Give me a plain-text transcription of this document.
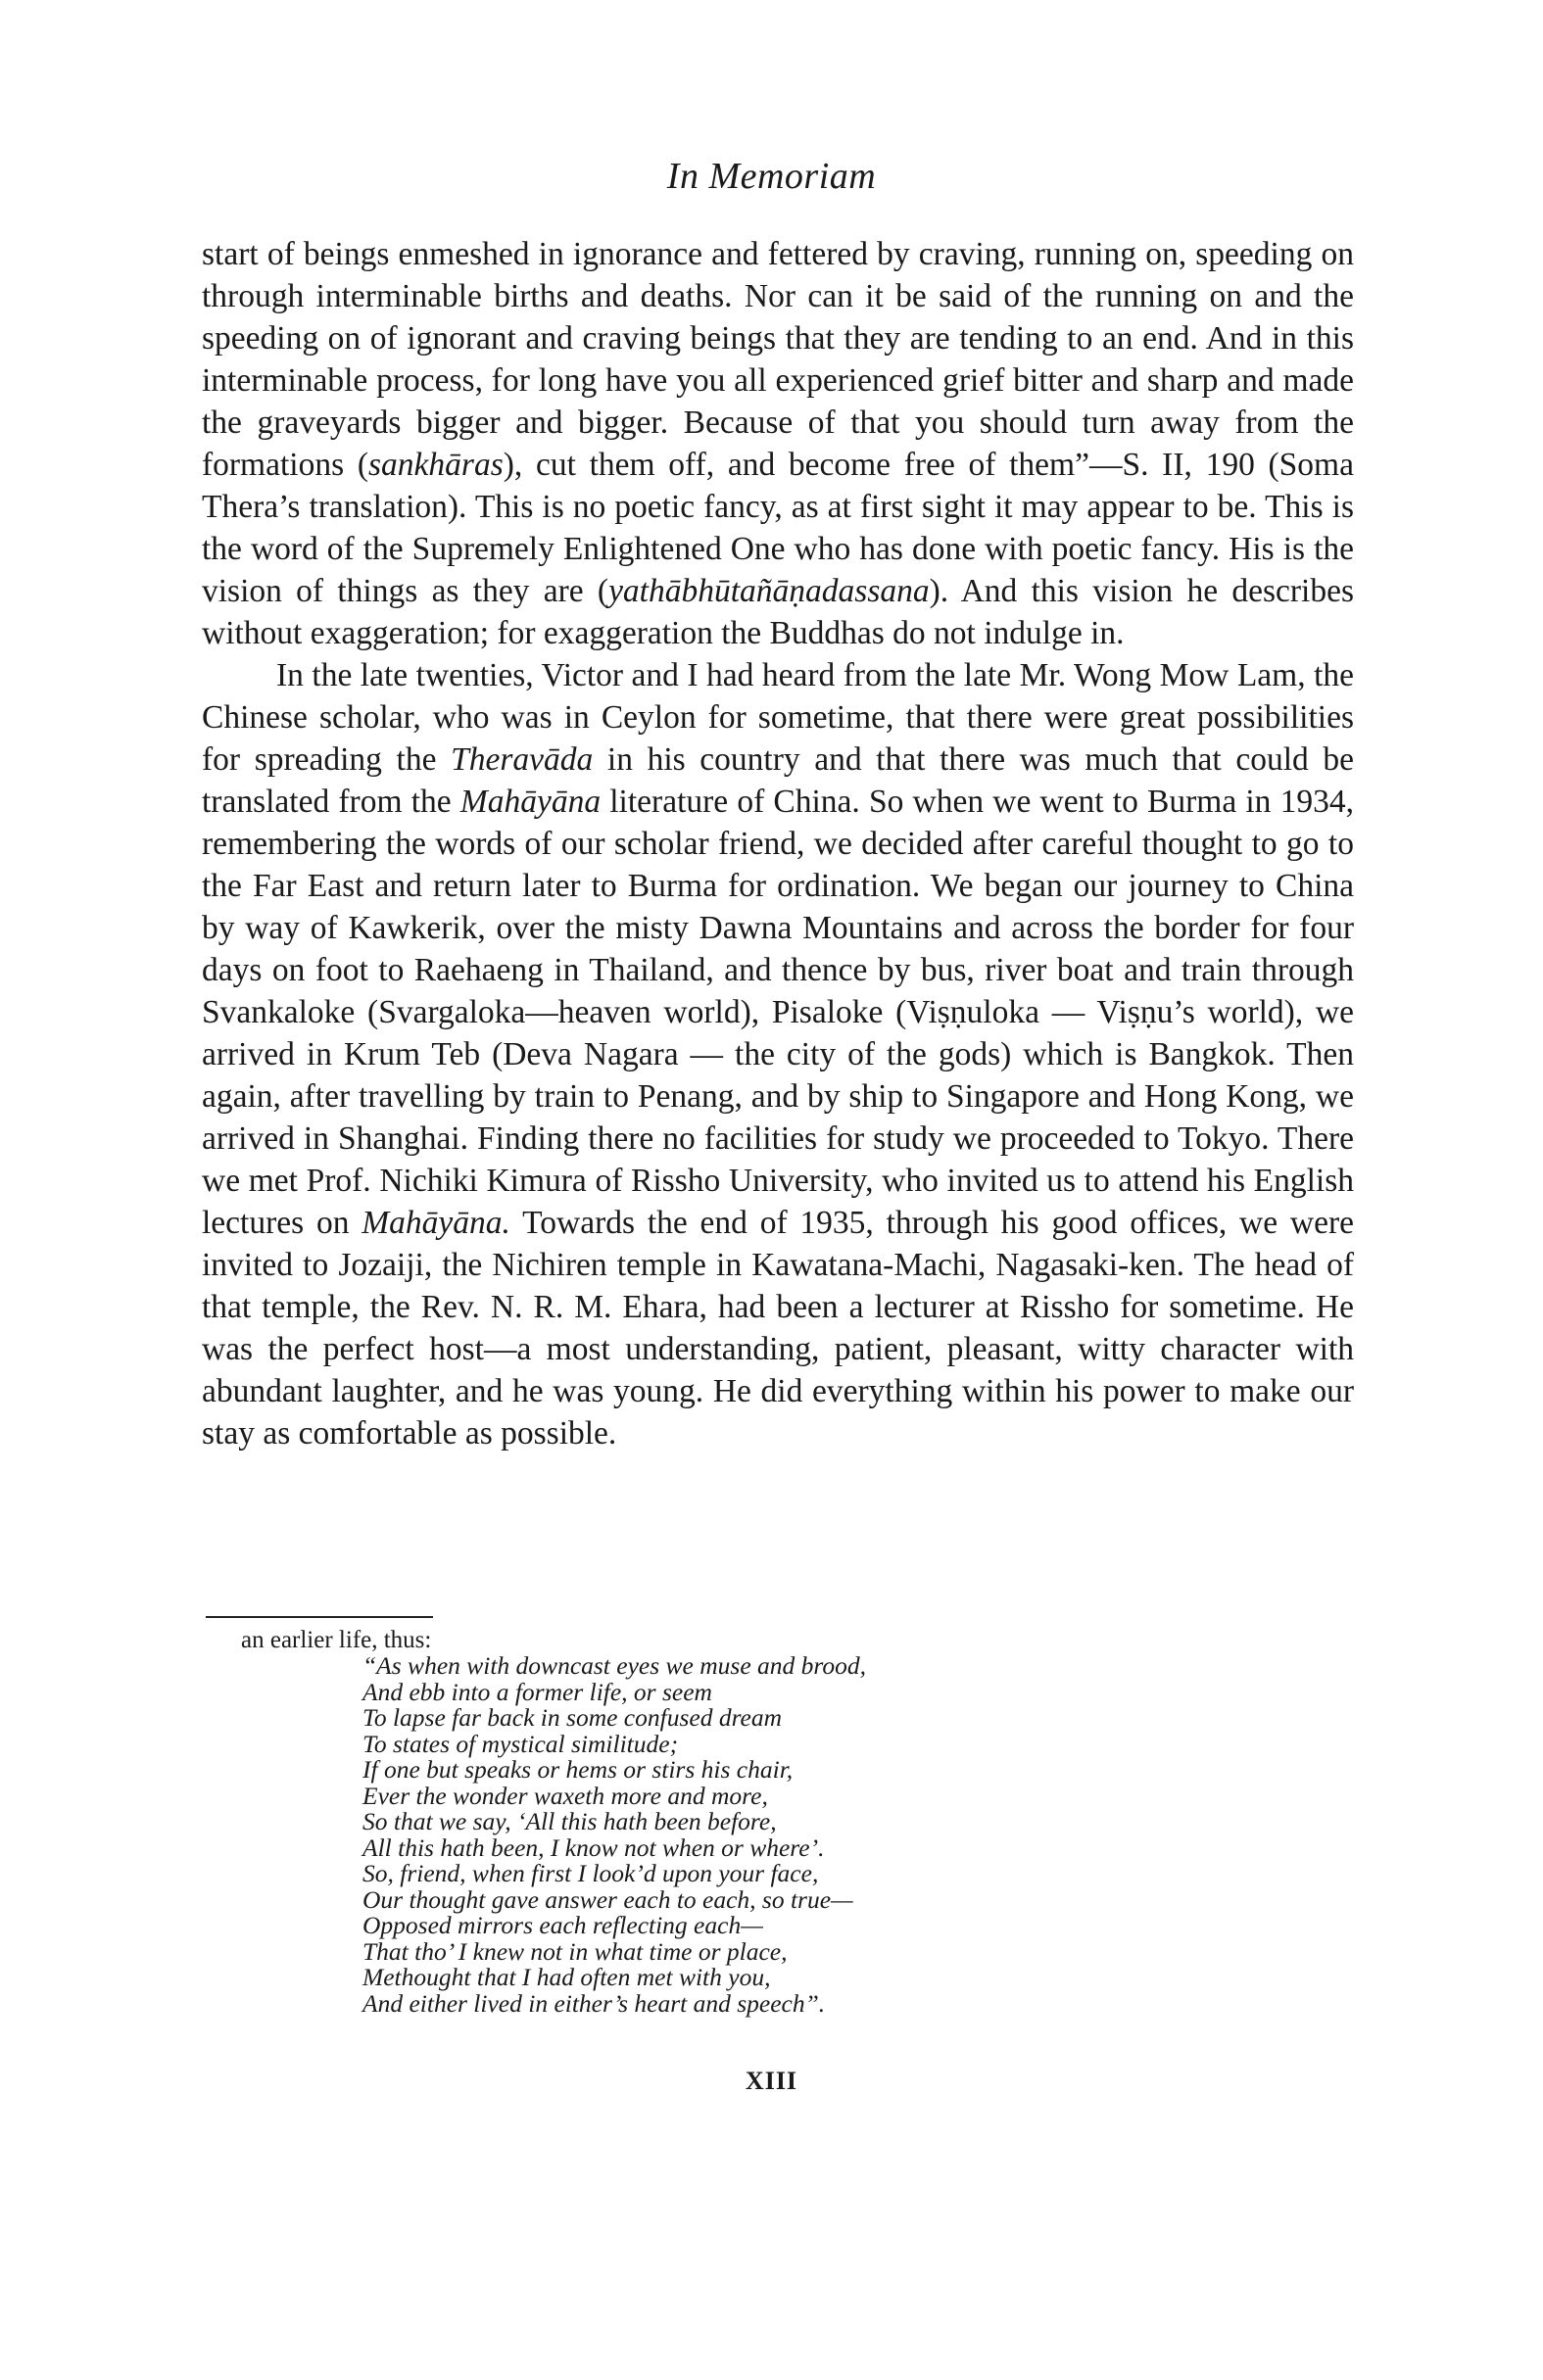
In Memoriam

start of beings enmeshed in ignorance and fettered by craving, running on, speeding on through interminable births and deaths. Nor can it be said of the running on and the speeding on of ignorant and craving beings that they are tending to an end. And in this interminable process, for long have you all experienced grief bitter and sharp and made the graveyards bigger and bigger. Because of that you should turn away from the formations (sankhāras), cut them off, and become free of them”—S. II, 190 (Soma Thera’s translation). This is no poetic fancy, as at first sight it may appear to be. This is the word of the Supremely Enlightened One who has done with poetic fancy. His is the vision of things as they are (yathābhūtañāṇadassana). And this vision he describes without exaggeration; for exaggeration the Buddhas do not indulge in.

In the late twenties, Victor and I had heard from the late Mr. Wong Mow Lam, the Chinese scholar, who was in Ceylon for sometime, that there were great possibilities for spreading the Theravāda in his country and that there was much that could be translated from the Mahāyāna literature of China. So when we went to Burma in 1934, remembering the words of our scholar friend, we decided after careful thought to go to the Far East and return later to Burma for ordination. We began our journey to China by way of Kawkerik, over the misty Dawna Mountains and across the border for four days on foot to Raehaeng in Thailand, and thence by bus, river boat and train through Svankaloke (Svargaloka—heaven world), Pisaloke (Viṣṇuloka — Viṣṇu’s world), we arrived in Krum Teb (Deva Nagara — the city of the gods) which is Bangkok. Then again, after travelling by train to Penang, and by ship to Singapore and Hong Kong, we arrived in Shanghai. Finding there no facilities for study we proceeded to Tokyo. There we met Prof. Nichiki Kimura of Rissho University, who invited us to attend his English lectures on Mahāyāna. Towards the end of 1935, through his good offices, we were invited to Jozaiji, the Nichiren temple in Kawatana-Machi, Nagasaki-ken. The head of that temple, the Rev. N. R. M. Ehara, had been a lecturer at Rissho for sometime. He was the perfect host—a most understanding, patient, pleasant, witty character with abundant laughter, and he was young. He did everything within his power to make our stay as comfortable as possible.

an earlier life, thus:
“As when with downcast eyes we muse and brood,
And ebb into a former life, or seem
To lapse far back in some confused dream
To states of mystical similitude;
If one but speaks or hems or stirs his chair,
Ever the wonder waxeth more and more,
So that we say, ‘All this hath been before,
All this hath been, I know not when or where’.
So, friend, when first I look’d upon your face,
Our thought gave answer each to each, so true—
Opposed mirrors each reflecting each—
That tho’ I knew not in what time or place,
Methought that I had often met with you,
And either lived in either’s heart and speech”.
XIII
